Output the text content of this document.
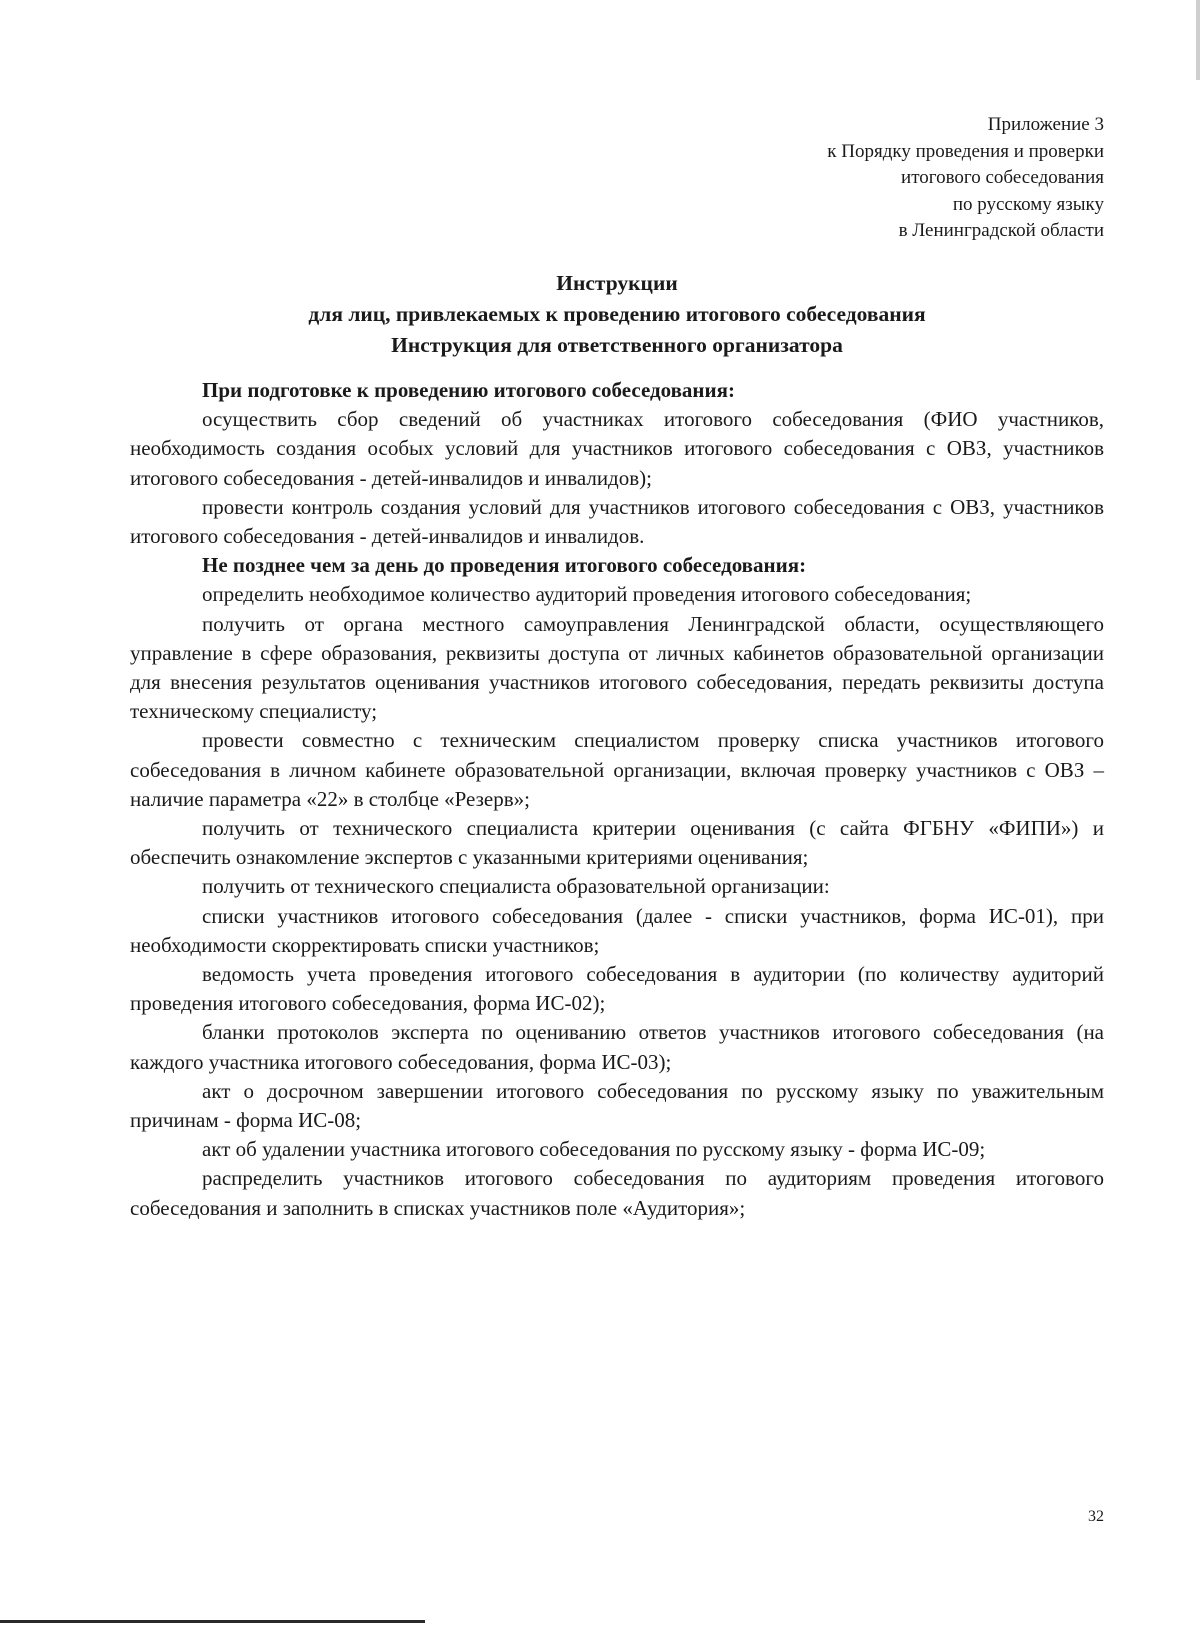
Приложение 3
к Порядку проведения и проверки
итогового собеседования
по русскому языку
в Ленинградской области
Инструкции
для лиц, привлекаемых к проведению итогового собеседования
Инструкция для ответственного организатора

При подготовке к проведению итогового собеседования:

осуществить сбор сведений об участниках итогового собеседования (ФИО участников, необходимость создания особых условий для участников итогового собеседования с ОВЗ, участников итогового собеседования - детей-инвалидов и инвалидов);

провести контроль создания условий для участников итогового собеседования с ОВЗ, участников итогового собеседования - детей-инвалидов и инвалидов.

Не позднее чем за день до проведения итогового собеседования:

определить необходимое количество аудиторий проведения итогового собеседования;

получить от органа местного самоуправления Ленинградской области, осуществляющего управление в сфере образования, реквизиты доступа от личных кабинетов образовательной организации для внесения результатов оценивания участников итогового собеседования, передать реквизиты доступа техническому специалисту;

провести совместно с техническим специалистом проверку списка участников итогового собеседования в личном кабинете образовательной организации, включая проверку участников с ОВЗ – наличие параметра «22» в столбце «Резерв»;

получить от технического специалиста критерии оценивания (с сайта ФГБНУ «ФИПИ») и обеспечить ознакомление экспертов с указанными критериями оценивания;

получить от технического специалиста образовательной организации:

списки участников итогового собеседования (далее - списки участников, форма ИС-01), при необходимости скорректировать списки участников;

ведомость учета проведения итогового собеседования в аудитории (по количеству аудиторий проведения итогового собеседования, форма ИС-02);

бланки протоколов эксперта по оцениванию ответов участников итогового собеседования (на каждого участника итогового собеседования, форма ИС-03);

акт о досрочном завершении итогового собеседования по русскому языку по уважительным причинам - форма ИС-08;

акт об удалении участника итогового собеседования по русскому языку - форма ИС-09;

распределить участников итогового собеседования по аудиториям проведения итогового собеседования и заполнить в списках участников поле «Аудитория»;

32
